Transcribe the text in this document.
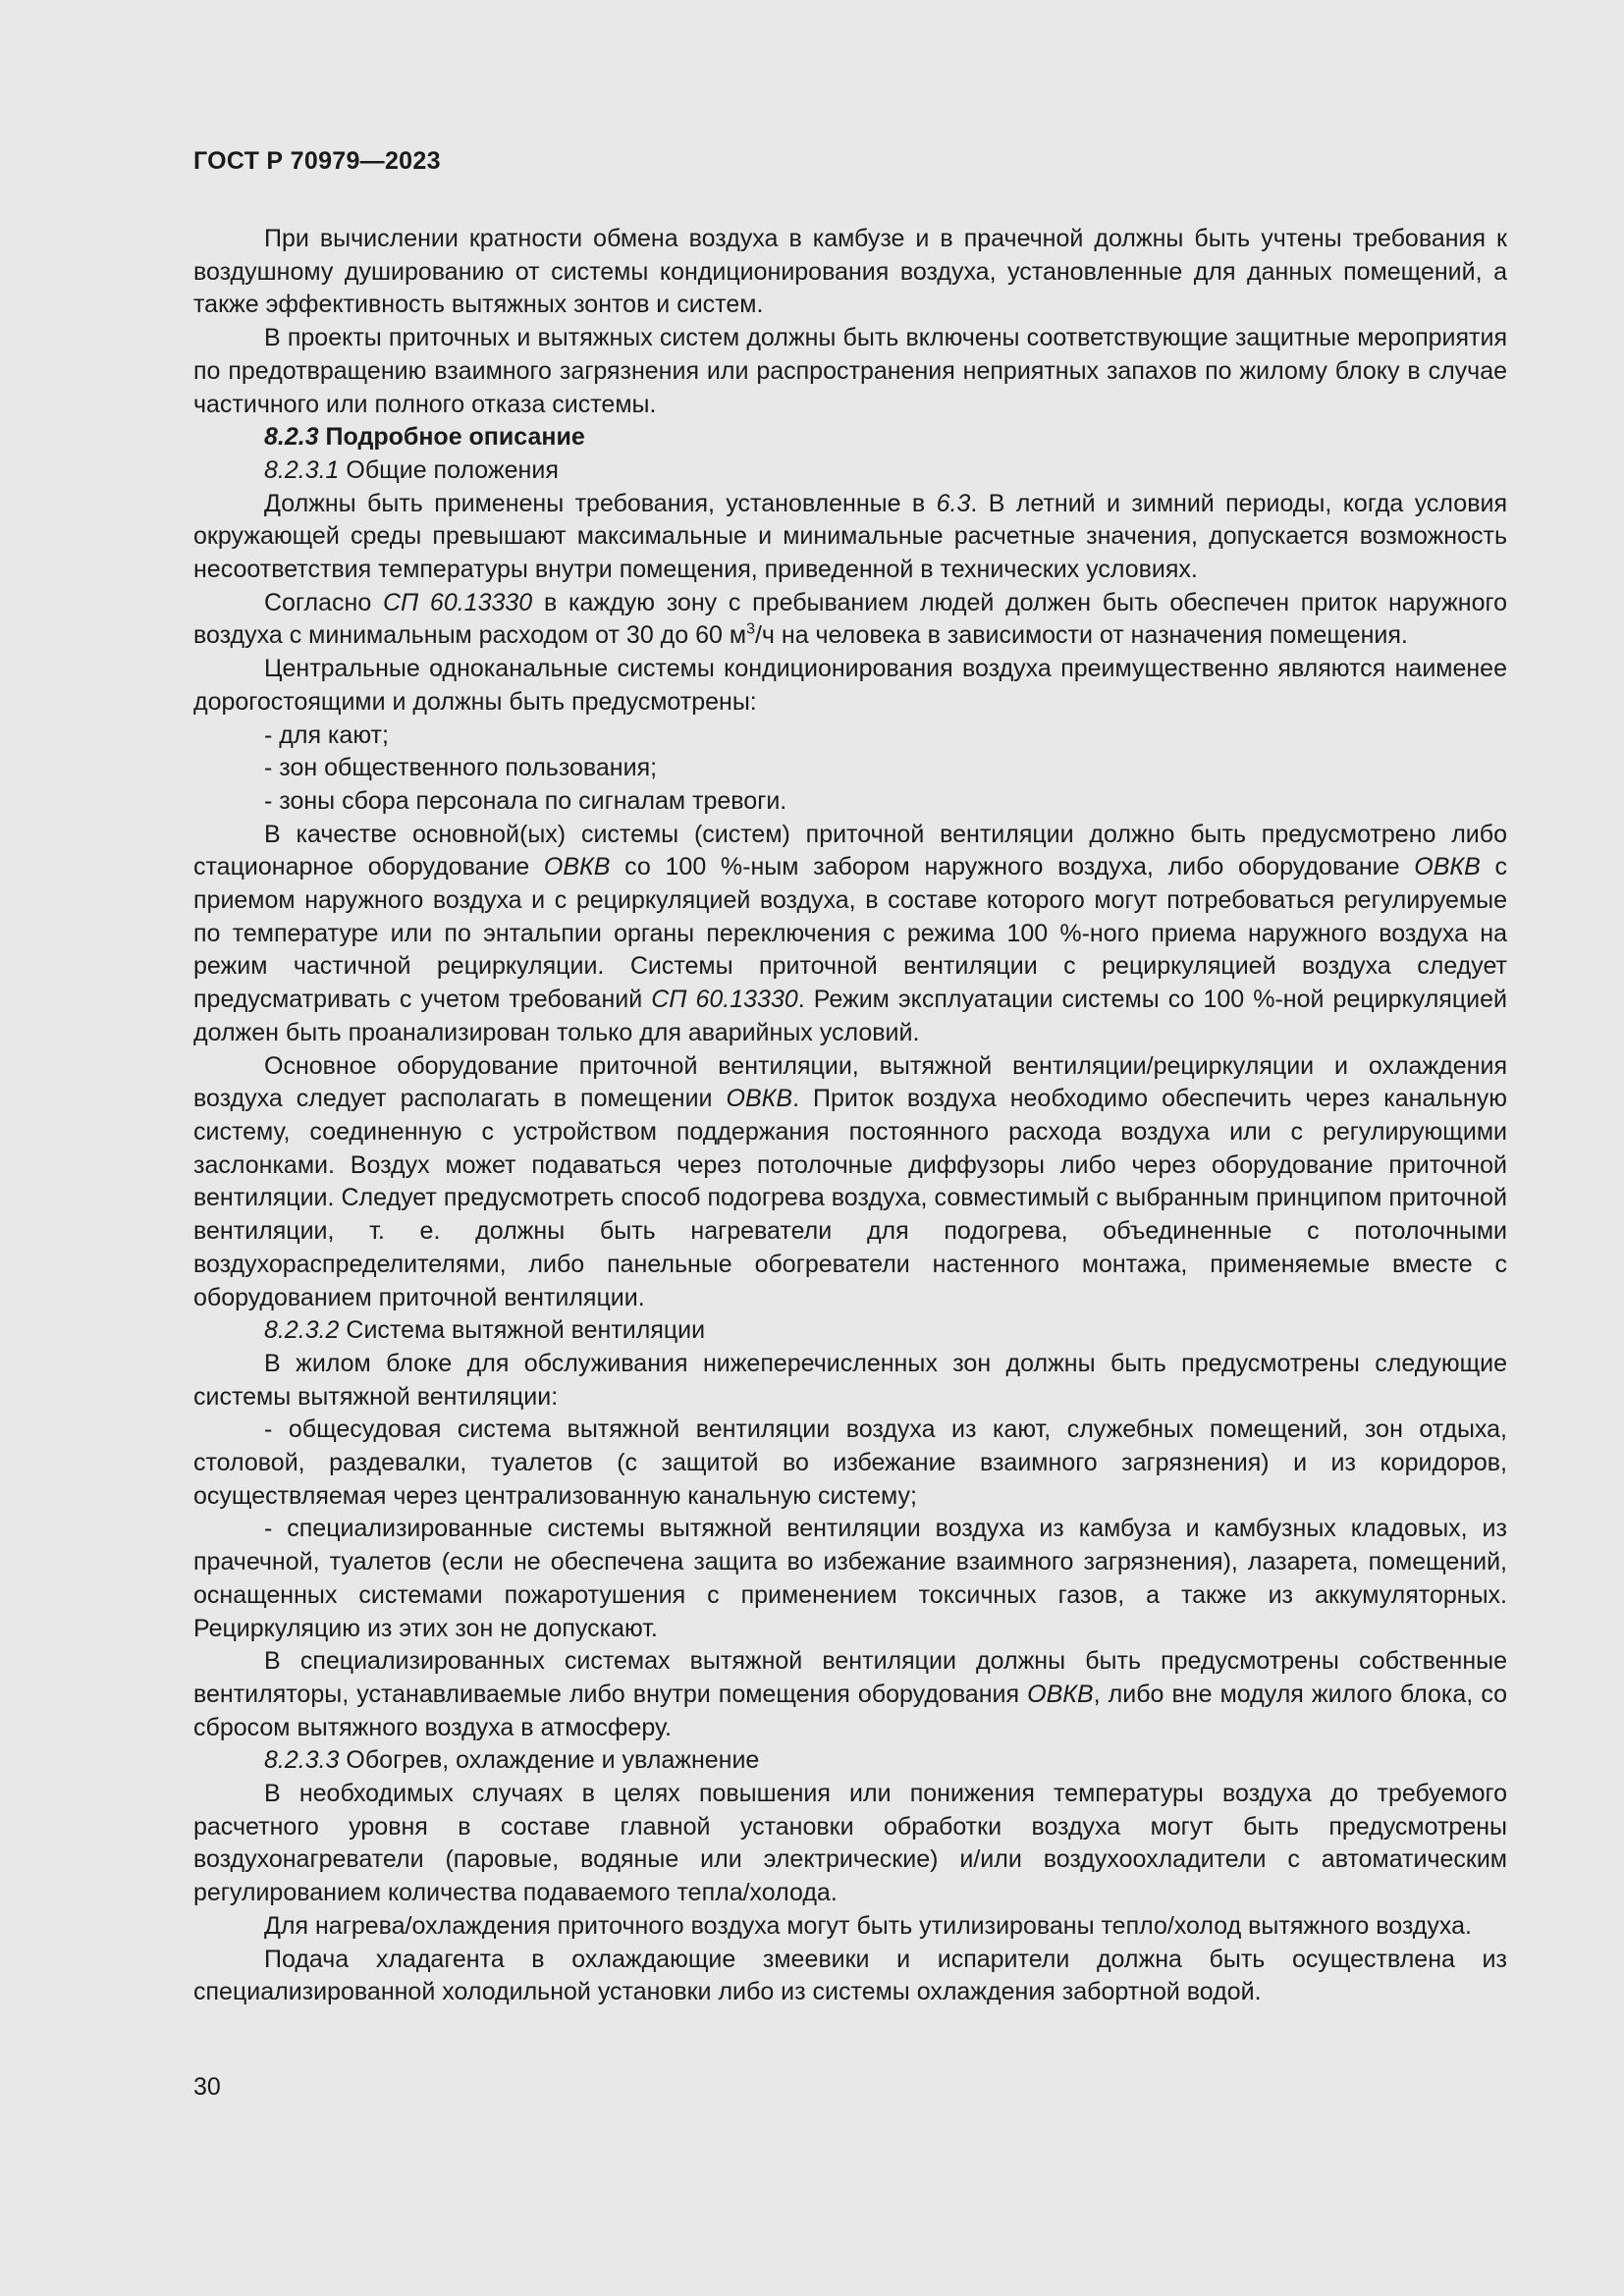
ГОСТ Р 70979—2023

При вычислении кратности обмена воздуха в камбузе и в прачечной должны быть учтены требования к воздушному душированию от системы кондиционирования воздуха, установленные для данных помещений, а также эффективность вытяжных зонтов и систем.

В проекты приточных и вытяжных систем должны быть включены соответствующие защитные мероприятия по предотвращению взаимного загрязнения или распространения неприятных запахов по жилому блоку в случае частичного или полного отказа системы.

8.2.3 Подробное описание

8.2.3.1 Общие положения

Должны быть применены требования, установленные в 6.3. В летний и зимний периоды, когда условия окружающей среды превышают максимальные и минимальные расчетные значения, допускается возможность несоответствия температуры внутри помещения, приведенной в технических условиях.

Согласно СП 60.13330 в каждую зону с пребыванием людей должен быть обеспечен приток наружного воздуха с минимальным расходом от 30 до 60 $м^3/ч$ на человека в зависимости от назначения помещения.

Центральные одноканальные системы кондиционирования воздуха преимущественно являются наименее дорогостоящими и должны быть предусмотрены:

- для кают;

- зон общественного пользования;

- зоны сбора персонала по сигналам тревоги.

В качестве основной(ых) системы (систем) приточной вентиляции должно быть предусмотрено либо стационарное оборудование ОВКВ со 100 %-ным забором наружного воздуха, либо оборудование ОВКВ с приемом наружного воздуха и с рециркуляцией воздуха, в составе которого могут потребоваться регулируемые по температуре или по энтальпии органы переключения с режима 100 %-ного приема наружного воздуха на режим частичной рециркуляции. Системы приточной вентиляции с рециркуляцией воздуха следует предусматривать с учетом требований СП 60.13330. Режим эксплуатации системы со 100 %-ной рециркуляцией должен быть проанализирован только для аварийных условий.

Основное оборудование приточной вентиляции, вытяжной вентиляции/рециркуляции и охлаждения воздуха следует располагать в помещении ОВКВ. Приток воздуха необходимо обеспечить через канальную систему, соединенную с устройством поддержания постоянного расхода воздуха или с регулирующими заслонками. Воздух может подаваться через потолочные диффузоры либо через оборудование приточной вентиляции. Следует предусмотреть способ подогрева воздуха, совместимый с выбранным принципом приточной вентиляции, т. е. должны быть нагреватели для подогрева, объединенные с потолочными воздухораспределителями, либо панельные обогреватели настенного монтажа, применяемые вместе с оборудованием приточной вентиляции.

8.2.3.2 Система вытяжной вентиляции

В жилом блоке для обслуживания нижеперечисленных зон должны быть предусмотрены следующие системы вытяжной вентиляции:

- общесудовая система вытяжной вентиляции воздуха из кают, служебных помещений, зон отдыха, столовой, раздевалки, туалетов (с защитой во избежание взаимного загрязнения) и из коридоров, осуществляемая через централизованную канальную систему;

- специализированные системы вытяжной вентиляции воздуха из камбуза и камбузных кладовых, из прачечной, туалетов (если не обеспечена защита во избежание взаимного загрязнения), лазарета, помещений, оснащенных системами пожаротушения с применением токсичных газов, а также из аккумуляторных. Рециркуляцию из этих зон не допускают.

В специализированных системах вытяжной вентиляции должны быть предусмотрены собственные вентиляторы, устанавливаемые либо внутри помещения оборудования ОВКВ, либо вне модуля жилого блока, со сбросом вытяжного воздуха в атмосферу.

8.2.3.3 Обогрев, охлаждение и увлажнение

В необходимых случаях в целях повышения или понижения температуры воздуха до требуемого расчетного уровня в составе главной установки обработки воздуха могут быть предусмотрены воздухонагреватели (паровые, водяные или электрические) и/или воздухоохладители с автоматическим регулированием количества подаваемого тепла/холода.

Для нагрева/охлаждения приточного воздуха могут быть утилизированы тепло/холод вытяжного воздуха.

Подача хладагента в охлаждающие змеевики и испарители должна быть осуществлена из специализированной холодильной установки либо из системы охлаждения забортной водой.

30
